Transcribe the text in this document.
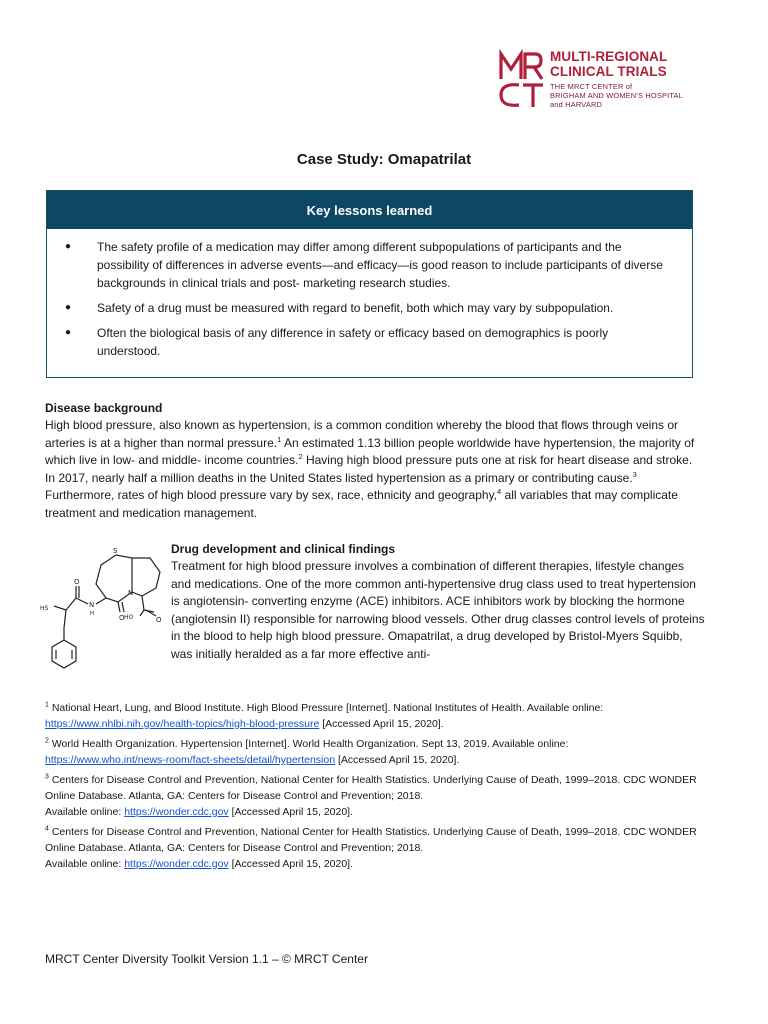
MULTI-REGIONAL
CLINICAL TRIALS
THE MRCT CENTER of
BRIGHAM AND WOMEN'S HOSPITAL
and HARVARD
Case Study: Omapatrilat
Key lessons learned
●	The safety profile of a medication may differ among different subpopulations of participants and the possibility of differences in adverse events—and efficacy—is good reason to include participants of diverse backgrounds in clinical trials and post- marketing research studies.
●	Safety of a drug must be measured with regard to benefit, both which may vary by subpopulation.
●	Often the biological basis of any difference in safety or efficacy based on demographics is poorly understood.
Disease background
High blood pressure, also known as hypertension, is a common condition whereby the blood that flows through veins or arteries is at a higher than normal pressure.$^1$ An estimated 1.13 billion people worldwide have hypertension, the majority of which live in low- and middle- income countries.$^2$ Having high blood pressure puts one at risk for heart disease and stroke. In 2017, nearly half a million deaths in the United States listed hypertension as a primary or contributing cause.$^3$ Furthermore, rates of high blood pressure vary by sex, race, ethnicity and geography,$^4$ all variables that may complicate treatment and medication management.
S
N
N
H	O
O
HO	O
HS
Drug development and clinical findings
Treatment for high blood pressure involves a combination of different therapies, lifestyle changes and medications. One of the more common anti-hypertensive drug class used to treat hypertension is angiotensin- converting enzyme (ACE) inhibitors. ACE inhibitors work by blocking the hormone (angiotensin II) responsible for narrowing blood vessels. Other drug classes control levels of proteins in the blood to help high blood pressure. Omapatrilat, a drug developed by Bristol-Myers Squibb, was initially heralded as a far more effective anti-
$^1$ National Heart, Lung, and Blood Institute. High Blood Pressure [Internet]. National Institutes of Health. Available online:
https://www.nhlbi.nih.gov/health-topics/high-blood-pressure [Accessed April 15, 2020].
$^2$ World Health Organization. Hypertension [Internet]. World Health Organization. Sept 13, 2019. Available online:
https://www.who.int/news-room/fact-sheets/detail/hypertension [Accessed April 15, 2020].
$^3$ Centers for Disease Control and Prevention, National Center for Health Statistics. Underlying Cause of Death, 1999–2018. CDC WONDER Online Database. Atlanta, GA: Centers for Disease Control and Prevention; 2018.
Available online: https://wonder.cdc.gov [Accessed April 15, 2020].
$^4$ Centers for Disease Control and Prevention, National Center for Health Statistics. Underlying Cause of Death, 1999–2018. CDC WONDER Online Database. Atlanta, GA: Centers for Disease Control and Prevention; 2018.
Available online: https://wonder.cdc.gov [Accessed April 15, 2020].
MRCT Center Diversity Toolkit Version 1.1 – © MRCT Center
